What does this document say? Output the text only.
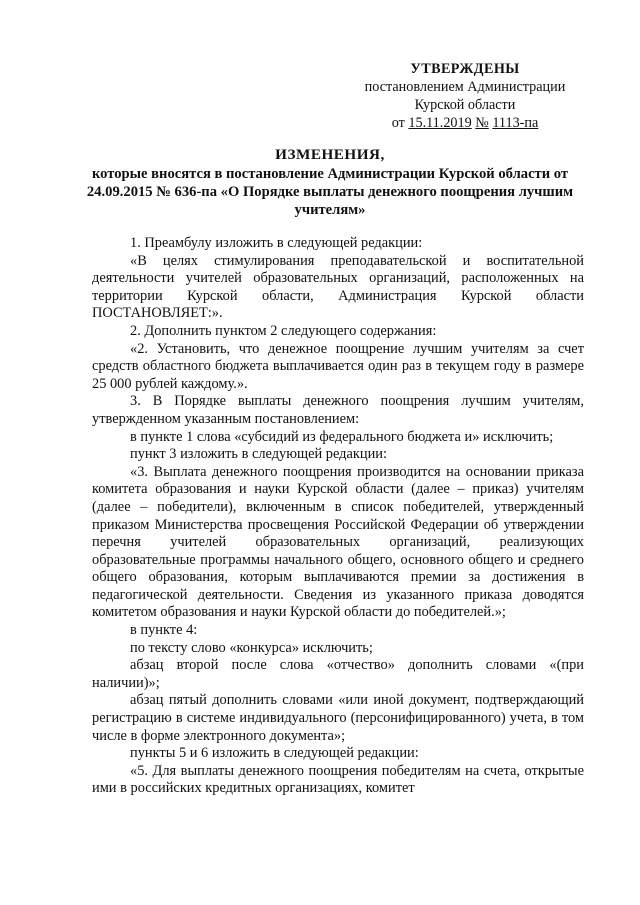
УТВЕРЖДЕНЫ
постановлением Администрации
Курской области
от 15.11.2019 № 1113-па
ИЗМЕНЕНИЯ,
которые вносятся в постановление Администрации Курской области от 24.09.2015 № 636-па «О Порядке выплаты денежного поощрения лучшим учителям»

1. Преамбулу изложить в следующей редакции:

«В целях стимулирования преподавательской и воспитательной деятельности учителей образовательных организаций, расположенных на территории Курской области, Администрация Курской области ПОСТАНОВЛЯЕТ:».

2. Дополнить пунктом 2 следующего содержания:

«2. Установить, что денежное поощрение лучшим учителям за счет средств областного бюджета выплачивается один раз в текущем году в размере 25 000 рублей каждому.».

3. В Порядке выплаты денежного поощрения лучшим учителям, утвержденном указанным постановлением:

в пункте 1 слова «субсидий из федерального бюджета и» исключить;

пункт 3 изложить в следующей редакции:

«3. Выплата денежного поощрения производится на основании приказа комитета образования и науки Курской области (далее – приказ) учителям (далее – победители), включенным в список победителей, утвержденный приказом Министерства просвещения Российской Федерации об утверждении перечня учителей образовательных организаций, реализующих образовательные программы начального общего, основного общего и среднего общего образования, которым выплачиваются премии за достижения в педагогической деятельности. Сведения из указанного приказа доводятся комитетом образования и науки Курской области до победителей.»;

в пункте 4:

по тексту слово «конкурса» исключить;

абзац второй после слова «отчество» дополнить словами «(при наличии)»;

абзац пятый дополнить словами «или иной документ, подтверждающий регистрацию в системе индивидуального (персонифицированного) учета, в том числе в форме электронного документа»;

пункты 5 и 6 изложить в следующей редакции:

«5. Для выплаты денежного поощрения победителям на счета, открытые ими в российских кредитных организациях, комитет
